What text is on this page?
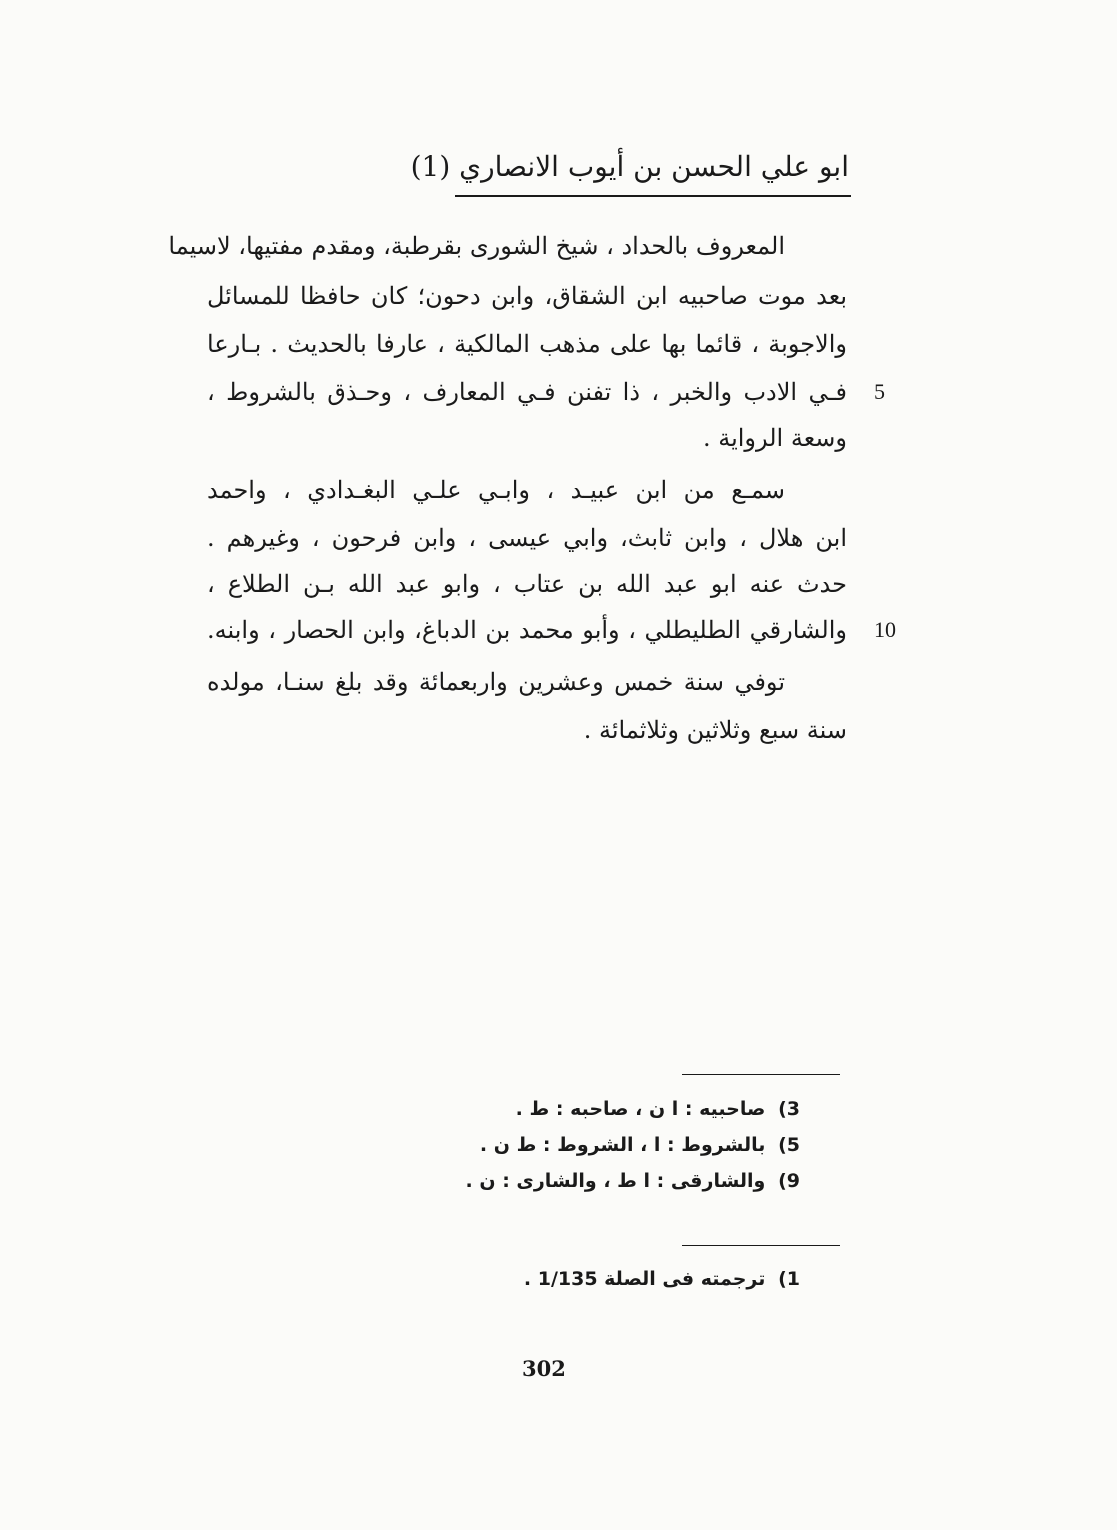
ابو علي الحسن بن أيوب الانصاري (1)
المعروف بالحداد ، شيخ الشورى بقرطبة، ومقدم مفتيها، لاسيما
بعد موت صاحبيه ابن الشقاق، وابن دحون؛ كان حافظا للمسائل
والاجوبة ، قائما بها على مذهب المالكية ، عارفا بالحديث . بـارعا
فـي الادب والخبر ، ذا تفنن فـي المعارف ، وحـذق بالشروط ، 5
وسعة الرواية .
سمـع من ابن عبيـد ، وابـي علـي البغـدادي ، واحمد
ابن هلال ، وابن ثابث، وابي عيسى ، وابن فرحون ، وغيرهم .
حدث عنه ابو عبد الله بن عتاب ، وابو عبد الله بـن الطلاع ،
والشارقي الطليطلي ، وأبو محمد بن الدباغ، وابن الحصار ، وابنه. 10
توفي سنة خمس وعشرين واربعمائة وقد بلغ سنـا، مولده
سنة سبع وثلاثين وثلاثمائة .
3) صاحبيه : ا ن ، صاحبه : ط .
5) بالشروط : ا ، الشروط : ط ن .
9) والشارقى : ا ط ، والشارى : ن .
1) ترجمته فى الصلة 1/135 .
302
